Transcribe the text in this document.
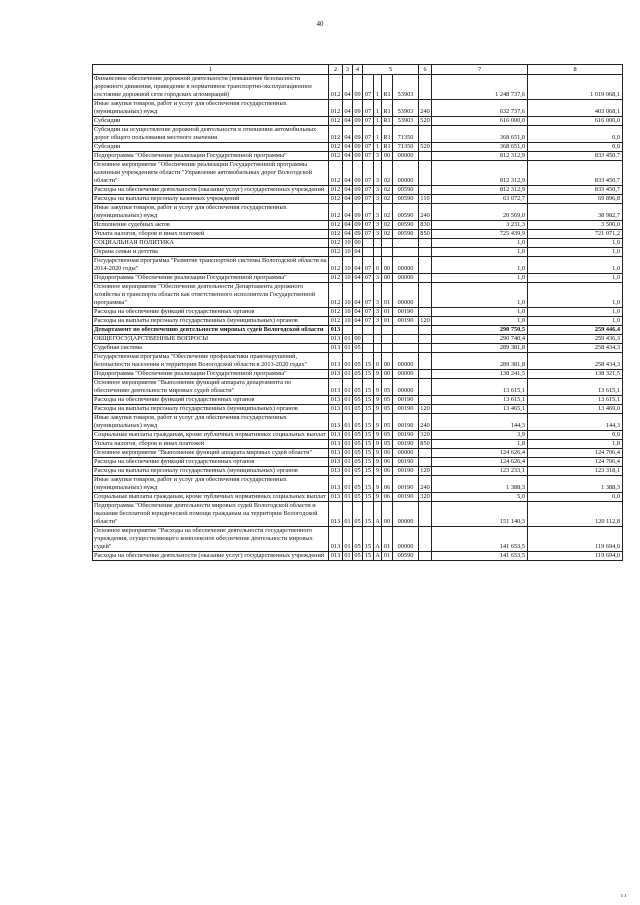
40
1	2	3	4	5				6	7	8
Финансовое обеспечение дорожной деятельности (повышение безопасности дорожного движения, приведение в нормативное транспортно-эксплуатационное состояние дорожной сети городских агломераций)	012	04	09	07	1	R1	53903		1 248 737,6	1 019 068,1
Иные закупки товаров, работ и услуг для обеспечения государственных (муниципальных) нужд	012	04	09	07	1	R1	53903	240	632 737,6	403 068,1
Субсидии	012	04	09	07	1	R1	53903	520	616 000,0	616 000,0
Субсидии на осуществление дорожной деятельности в отношении автомобильных дорог общего пользования местного значения	012	04	09	07	1	R1	71350		368 651,0	0,0
Субсидии	012	04	09	07	1	R1	71350	520	368 651,0	0,0
Подпрограмма "Обеспечение реализации Государственной программы"	012	04	09	07	3	00	00000		812 312,9	833 450,7
Основное мероприятие "Обеспечение реализации Государственной программы казенным учреждением области "Управление автомобильных дорог Вологодской области"	012	04	09	07	3	02	00000		812 312,9	833 450,7
Расходы на обеспечение деятельности (оказание услуг) государственных учреждений	012	04	09	07	3	02	00590		812 312,9	833 450,7
Расходы на выплаты персоналу казенных учреждений	012	04	09	07	3	02	00590	110	63 072,7	69 896,8
Иные закупки товаров, работ и услуг для обеспечения государственных (муниципальных) нужд	012	04	09	07	3	02	00590	240	20 569,0	38 982,7
Исполнение судебных актов	012	04	09	07	3	02	00590	830	3 231,3	3 500,0
Уплата налогов, сборов и иных платежей	012	04	09	07	3	02	00590	850	725 439,9	721 071,2
СОЦИАЛЬНАЯ ПОЛИТИКА	012	10	00						1,0	1,0
Охрана семьи и детства	012	10	04						1,0	1,0
Государственная программа "Развитие транспортной системы Вологодской области на 2014-2020 годы"	012	10	04	07	0	00	00000		1,0	1,0
Подпрограмма "Обеспечение реализации Государственной программы"	012	10	04	07	3	00	00000		1,0	1,0
Основное мероприятие "Обеспечение деятельности Департамента дорожного хозяйства и транспорта области как ответственного исполнителя Государственной программы"	012	10	04	07	3	01	00000		1,0	1,0
Расходы на обеспечение функций государственных органов	012	10	04	07	3	01	00190		1,0	1,0
Расходы на выплаты персоналу государственных (муниципальных) органов	012	10	04	07	3	01	00190	120	1,0	1,0
Департамент по обеспечению деятельности мировых судей Вологодской области	013								290 750,5	259 446,4
ОБЩЕГОСУДАРСТВЕННЫЕ ВОПРОСЫ	013	01	00						290 740,4	259 436,3
Судебная система	013	01	05						289 381,8	258 434,3
Государственная программа "Обеспечение профилактики правонарушений, безопасности населения и территории Вологодской области в 2013-2020 годах"	013	01	05	15	0	00	00000		289 381,8	258 434,3
Подпрограмма "Обеспечение реализации Государственной программы"	013	01	05	15	9	00	00000		138 241,5	138 321,5
Основное мероприятие "Выполнение функций аппарата департамента по обеспечению деятельности мировых судей области"	013	01	05	15	9	05	00000		13 615,1	13 615,1
Расходы на обеспечение функций государственных органов	013	01	05	15	9	05	00190		13 615,1	13 615,1
Расходы на выплаты персоналу государственных (муниципальных) органов	013	01	05	15	9	05	00190	120	13 465,1	13 469,0
Иные закупки товаров, работ и услуг для обеспечения государственных (муниципальных) нужд	013	01	05	15	9	05	00190	240	144,3	144,3
Социальные выплаты гражданам, кроме публичных нормативных социальных выплат	013	01	05	15	9	05	00190	320	3,9	0,0
Уплата налогов, сборов и иных платежей	013	01	05	15	9	05	00190	850	1,8	1,8
Основное мероприятие "Выполнение функций аппарата мировых судей области"	013	01	05	15	9	06	00000		124 626,4	124 706,4
Расходы на обеспечение функций государственных органов	013	01	05	15	9	06	00190		124 626,4	124 706,4
Расходы на выплаты персоналу государственных (муниципальных) органов	013	01	05	15	9	06	00190	120	123 233,1	123 318,1
Иные закупки товаров, работ и услуг для обеспечения государственных (муниципальных) нужд	013	01	05	15	9	06	00190	240	1 388,3	1 388,3
Социальные выплаты гражданам, кроме публичных нормативных социальных выплат	013	01	05	15	9	06	00190	320	5,0	0,0
Подпрограмма "Обеспечение деятельности мировых судей Вологодской области и оказания бесплатной юридической помощи гражданам на территории Вологодской области"	013	01	05	15	А	00	00000		151 140,3	120 112,8
Основное мероприятие "Расходы на обеспечение деятельности государственного учреждения, осуществляющего комплексное обеспечение деятельности мировых судей"	013	01	05	15	А	01	00000		141 653,5	119 694,0
Расходы на обеспечение деятельности (оказание услуг) государственных учреждений	013	01	05	15	А	01	00590		141 653,5	119 694,0
ı ı
